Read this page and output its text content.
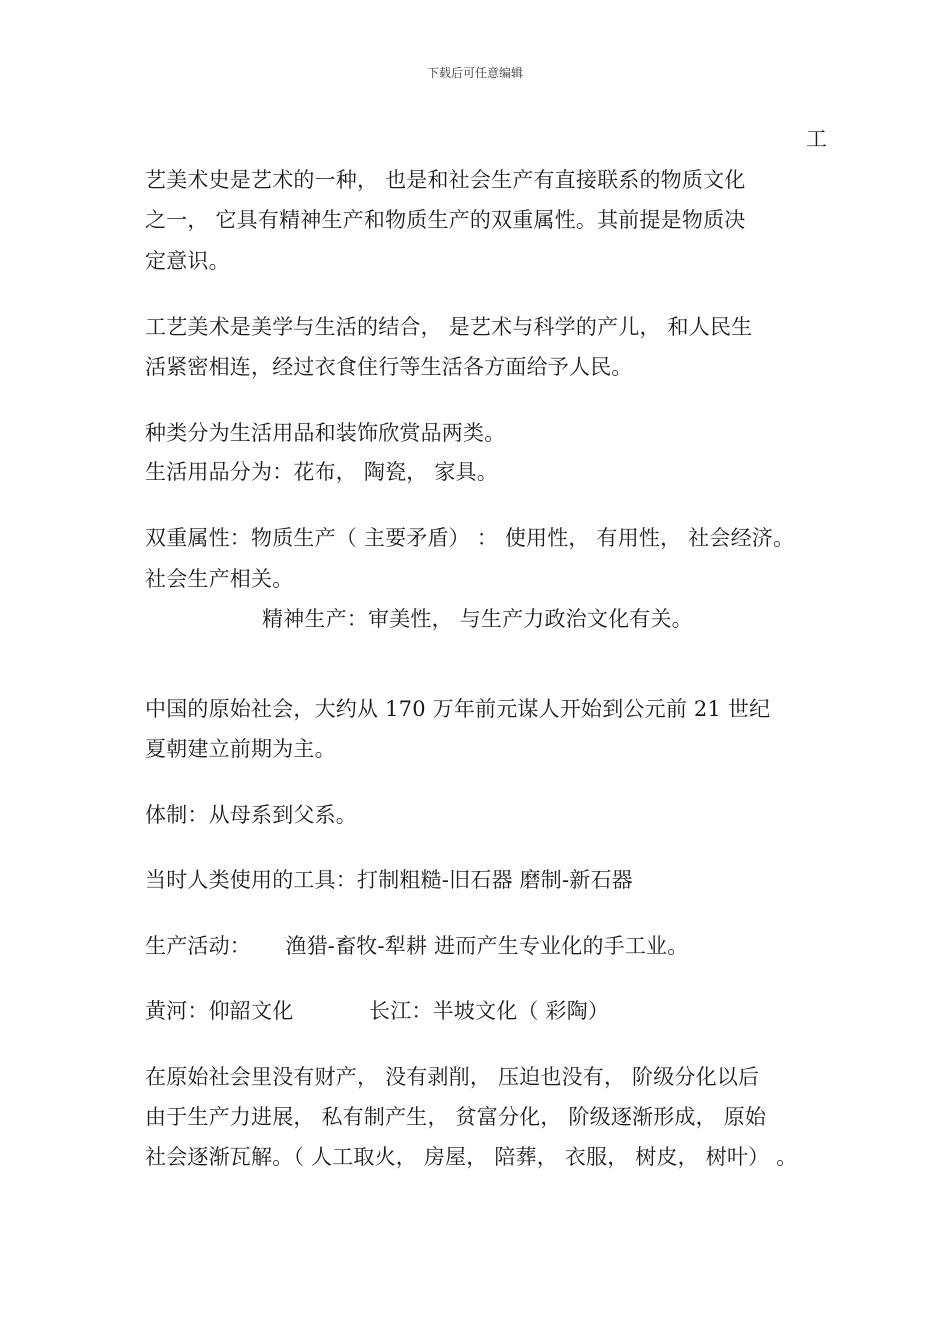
下载后可任意编辑
工
艺美术史是艺术的一种， 也是和社会生产有直接联系的物质文化
之一， 它具有精神生产和物质生产的双重属性。其前提是物质决
定意识。
工艺美术是美学与生活的结合， 是艺术与科学的产儿， 和人民生
活紧密相连，经过衣食住行等生活各方面给予人民。
种类分为生活用品和装饰欣赏品两类。
生活用品分为：花布， 陶瓷， 家具。
双重属性：物质生产（ 主要矛盾） ： 使用性， 有用性， 社会经济。
社会生产相关。
精神生产：审美性， 与生产力政治文化有关。
中国的原始社会，大约从 170 万年前元谋人开始到公元前 21 世纪
夏朝建立前期为主。
体制：从母系到父系。
当时人类使用的工具：打制粗糙-旧石器 磨制-新石器
生产活动：     渔猎-畜牧-犁耕 进而产生专业化的手工业。
黄河：仰韶文化           长江：半坡文化（ 彩陶）
在原始社会里没有财产， 没有剥削， 压迫也没有， 阶级分化以后
由于生产力进展， 私有制产生， 贫富分化， 阶级逐渐形成， 原始
社会逐渐瓦解。（ 人工取火， 房屋， 陪葬， 衣服， 树皮， 树叶） 。
